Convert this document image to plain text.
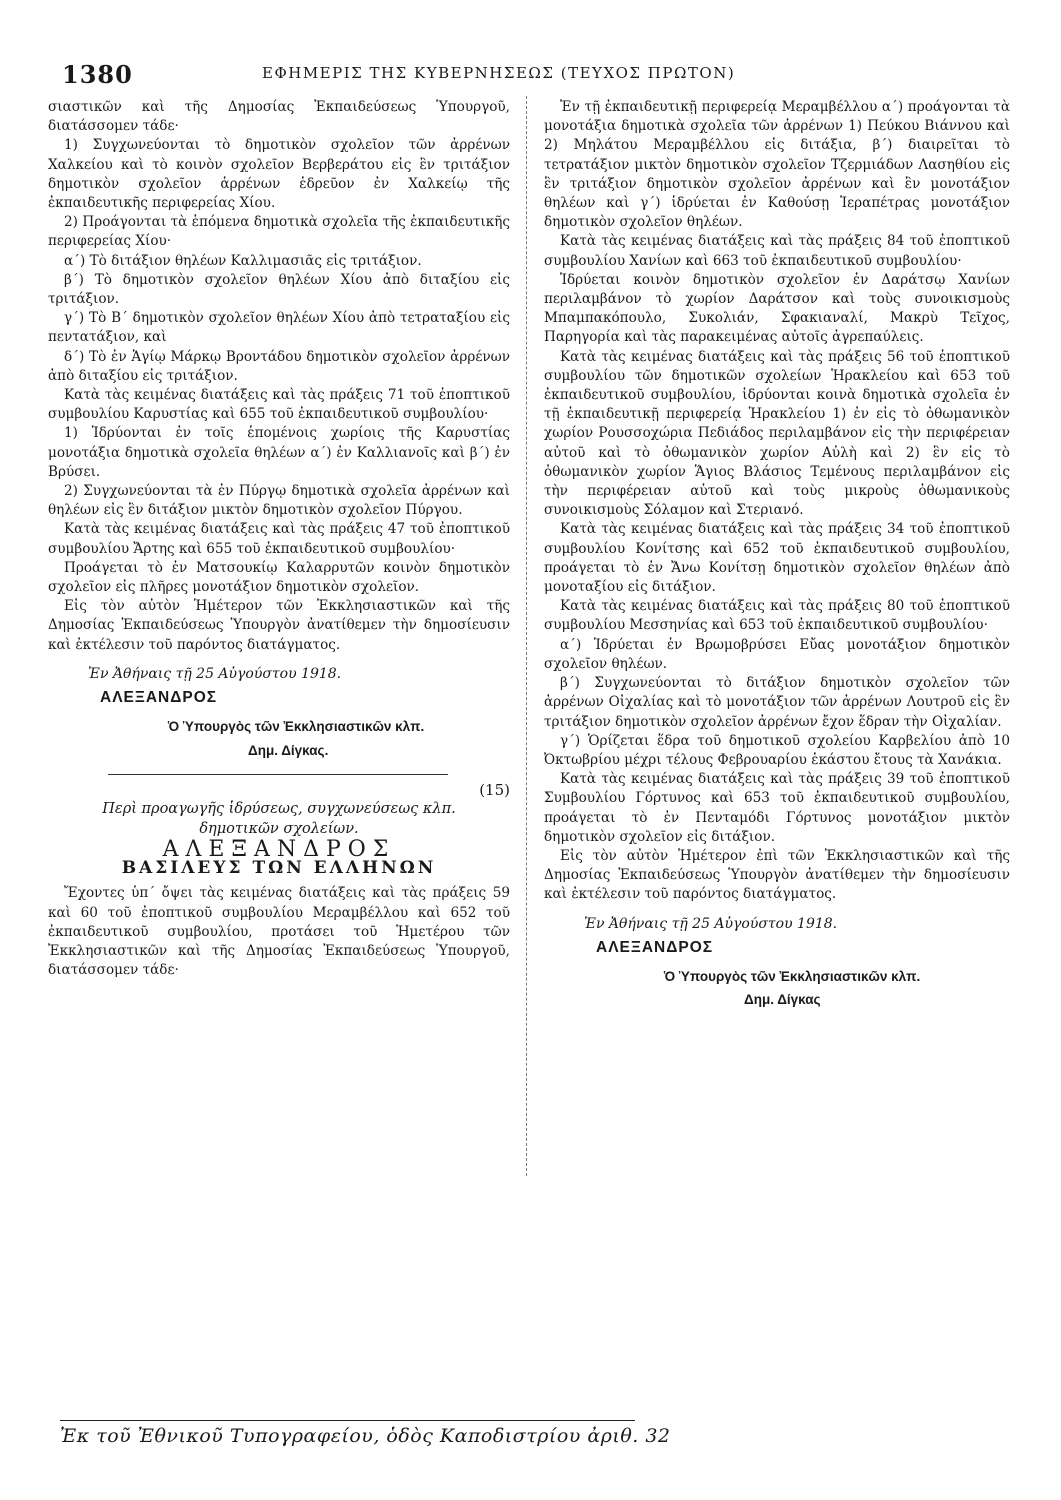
1380	ΕΦΗΜΕΡΙΣ ΤΗΣ ΚΥΒΕΡΝΗΣΕΩΣ (ΤΕΥΧΟΣ ΠΡΩΤΟΝ)

σιαστικῶν καὶ τῆς Δημοσίας Ἐκπαιδεύσεως Ὑπουργοῦ, διατάσσομεν τάδε·

1) Συγχωνεύονται τὸ δημοτικὸν σχολεῖον τῶν ἀρρένων Χαλκείου καὶ τὸ κοινὸν σχολεῖον Βερβεράτου εἰς ἓν τριτάξιον δημοτικὸν σχολεῖον ἀρρένων ἑδρεῦον ἐν Χαλκείῳ τῆς ἐκπαιδευτικῆς περιφερείας Χίου.

2) Προάγονται τὰ ἑπόμενα δημοτικὰ σχολεῖα τῆς ἐκπαιδευτικῆς περιφερείας Χίου·

α΄) Τὸ διτάξιον θηλέων Καλλιμασιᾶς εἰς τριτάξιον.

β΄) Τὸ δημοτικὸν σχολεῖον θηλέων Χίου ἀπὸ διταξίου εἰς τριτάξιον.

γ΄) Τὸ Β΄ δημοτικὸν σχολεῖον θηλέων Χίου ἀπὸ τετραταξίου εἰς πεντατάξιον, καὶ

δ΄) Τὸ ἐν Ἁγίῳ Μάρκῳ Βροντάδου δημοτικὸν σχολεῖον ἀρρένων ἀπὸ διταξίου εἰς τριτάξιον.

Κατὰ τὰς κειμένας διατάξεις καὶ τὰς πράξεις 71 τοῦ ἐποπτικοῦ συμβουλίου Καρυστίας καὶ 655 τοῦ ἐκπαιδευτικοῦ συμβουλίου·

1) Ἱδρύονται ἐν τοῖς ἑπομένοις χωρίοις τῆς Καρυστίας μονοτάξια δημοτικὰ σχολεῖα θηλέων α΄) ἐν Καλλιανοῖς καὶ β΄) ἐν Βρύσει.

2) Συγχωνεύονται τὰ ἐν Πύργῳ δημοτικὰ σχολεῖα ἀρρένων καὶ θηλέων εἰς ἓν διτάξιον μικτὸν δημοτικὸν σχολεῖον Πύργου.

Κατὰ τὰς κειμένας διατάξεις καὶ τὰς πράξεις 47 τοῦ ἐποπτικοῦ συμβουλίου Ἄρτης καὶ 655 τοῦ ἐκπαιδευτικοῦ συμβουλίου·

Προάγεται τὸ ἐν Ματσουκίῳ Καλαρρυτῶν κοινὸν δημοτικὸν σχολεῖον εἰς πλῆρες μονοτάξιον δημοτικὸν σχολεῖον.

Εἰς τὸν αὐτὸν Ἡμέτερον τῶν Ἐκκλησιαστικῶν καὶ τῆς Δημοσίας Ἐκπαιδεύσεως Ὑπουργὸν ἀνατίθεμεν τὴν δημοσίευσιν καὶ ἐκτέλεσιν τοῦ παρόντος διατάγματος.

Ἐν Ἀθήναις τῇ 25 Αὐγούστου 1918.

ΑΛΕΞΑΝΔΡΟΣ

Ὁ Ὑπουργὸς τῶν Ἐκκλησιαστικῶν κλπ.

Δημ. Δίγκας.

(15)

Περὶ προαγωγῆς ἱδρύσεως, συγχωνεύσεως κλπ.

δημοτικῶν σχολείων.

ΑΛΕΞΑΝΔΡΟΣ

ΒΑΣΙΛΕΥΣ ΤΩΝ ΕΛΛΗΝΩΝ

Ἔχοντες ὑπ΄ ὄψει τὰς κειμένας διατάξεις καὶ τὰς πράξεις 59 καὶ 60 τοῦ ἐποπτικοῦ συμβουλίου Μεραμβέλλου καὶ 652 τοῦ ἐκπαιδευτικοῦ συμβουλίου, προτάσει τοῦ Ἡμετέρου τῶν Ἐκκλησιαστικῶν καὶ τῆς Δημοσίας Ἐκπαιδεύσεως Ὑπουργοῦ, διατάσσομεν τάδε·

Ἐν τῇ ἐκπαιδευτικῇ περιφερείᾳ Μεραμβέλλου α΄) προάγονται τὰ μονοτάξια δημοτικὰ σχολεῖα τῶν ἀρρένων 1) Πεύκου Βιάννου καὶ 2) Μηλάτου Μεραμβέλλου εἰς διτάξια, β΄) διαιρεῖται τὸ τετρατάξιον μικτὸν δημοτικὸν σχολεῖον Τζερμιάδων Λασηθίου εἰς ἓν τριτάξιον δημοτικὸν σχολεῖον ἀρρένων καὶ ἓν μονοτάξιον θηλέων καὶ γ΄) ἱδρύεται ἐν Καθούσῃ Ἱεραπέτρας μονοτάξιον δημοτικὸν σχολεῖον θηλέων.

Κατὰ τὰς κειμένας διατάξεις καὶ τὰς πράξεις 84 τοῦ ἐποπτικοῦ συμβουλίου Χανίων καὶ 663 τοῦ ἐκπαιδευτικοῦ συμβουλίου·

Ἱδρύεται κοινὸν δημοτικὸν σχολεῖον ἐν Δαράτσῳ Χανίων περιλαμβάνον τὸ χωρίον Δαράτσον καὶ τοὺς συνοικισμοὺς Μπαμπακόπουλο, Συκολιάν, Σφακιαναλί, Μακρὺ Τεῖχος, Παρηγορία καὶ τὰς παρακειμένας αὐτοῖς ἀγρεπαύλεις.

Κατὰ τὰς κειμένας διατάξεις καὶ τὰς πράξεις 56 τοῦ ἐποπτικοῦ συμβουλίου τῶν δημοτικῶν σχολείων Ἡρακλείου καὶ 653 τοῦ ἐκπαιδευτικοῦ συμβουλίου, ἱδρύονται κοινὰ δημοτικὰ σχολεῖα ἐν τῇ ἐκπαιδευτικῇ περιφερείᾳ Ἡρακλείου 1) ἐν εἰς τὸ ὀθωμανικὸν χωρίον Ρουσσοχώρια Πεδιάδος περιλαμβάνον εἰς τὴν περιφέρειαν αὐτοῦ καὶ τὸ ὀθωμανικὸν χωρίον Αὐλὴ καὶ 2) ἓν εἰς τὸ ὀθωμανικὸν χωρίον Ἅγιος Βλάσιος Τεμένους περιλαμβάνον εἰς τὴν περιφέρειαν αὐτοῦ καὶ τοὺς μικροὺς ὀθωμανικοὺς συνοικισμοὺς Σόλαμον καὶ Στεριανό.

Κατὰ τὰς κειμένας διατάξεις καὶ τὰς πράξεις 34 τοῦ ἐποπτικοῦ συμβουλίου Κονίτσης καὶ 652 τοῦ ἐκπαιδευτικοῦ συμβουλίου, προάγεται τὸ ἐν Ἄνω Κονίτσῃ δημοτικὸν σχολεῖον θηλέων ἀπὸ μονοταξίου εἰς διτάξιον.

Κατὰ τὰς κειμένας διατάξεις καὶ τὰς πράξεις 80 τοῦ ἐποπτικοῦ συμβουλίου Μεσσηνίας καὶ 653 τοῦ ἐκπαιδευτικοῦ συμβουλίου·

α΄) Ἱδρύεται ἐν Βρωμοβρύσει Εὔας μονοτάξιον δημοτικὸν σχολεῖον θηλέων.

β΄) Συγχωνεύονται τὸ διτάξιον δημοτικὸν σχολεῖον τῶν ἀρρένων Οἰχαλίας καὶ τὸ μονοτάξιον τῶν ἀρρένων Λουτροῦ εἰς ἓν τριτάξιον δημοτικὸν σχολεῖον ἀρρένων ἔχον ἕδραν τὴν Οἰχαλίαν.

γ΄) Ὁρίζεται ἕδρα τοῦ δημοτικοῦ σχολείου Καρβελίου ἀπὸ 10 Ὀκτωβρίου μέχρι τέλους Φεβρουαρίου ἑκάστου ἔτους τὰ Χανάκια.

Κατὰ τὰς κειμένας διατάξεις καὶ τὰς πράξεις 39 τοῦ ἐποπτικοῦ Συμβουλίου Γόρτυνος καὶ 653 τοῦ ἐκπαιδευτικοῦ συμβουλίου, προάγεται τὸ ἐν Πενταμόδι Γόρτυνος μονοτάξιον μικτὸν δημοτικὸν σχολεῖον εἰς διτάξιον.

Εἰς τὸν αὐτὸν Ἡμέτερον ἐπὶ τῶν Ἐκκλησιαστικῶν καὶ τῆς Δημοσίας Ἐκπαιδεύσεως Ὑπουργὸν ἀνατίθεμεν τὴν δημοσίευσιν καὶ ἐκτέλεσιν τοῦ παρόντος διατάγματος.

Ἐν Ἀθήναις τῇ 25 Αὐγούστου 1918.

ΑΛΕΞΑΝΔΡΟΣ

Ὁ Ὑπουργὸς τῶν Ἐκκλησιαστικῶν κλπ.

Δημ. Δίγκας

Ἐκ τοῦ Ἐθνικοῦ Τυπογραφείου, ὁδὸς Καποδιστρίου ἀριθ. 32
